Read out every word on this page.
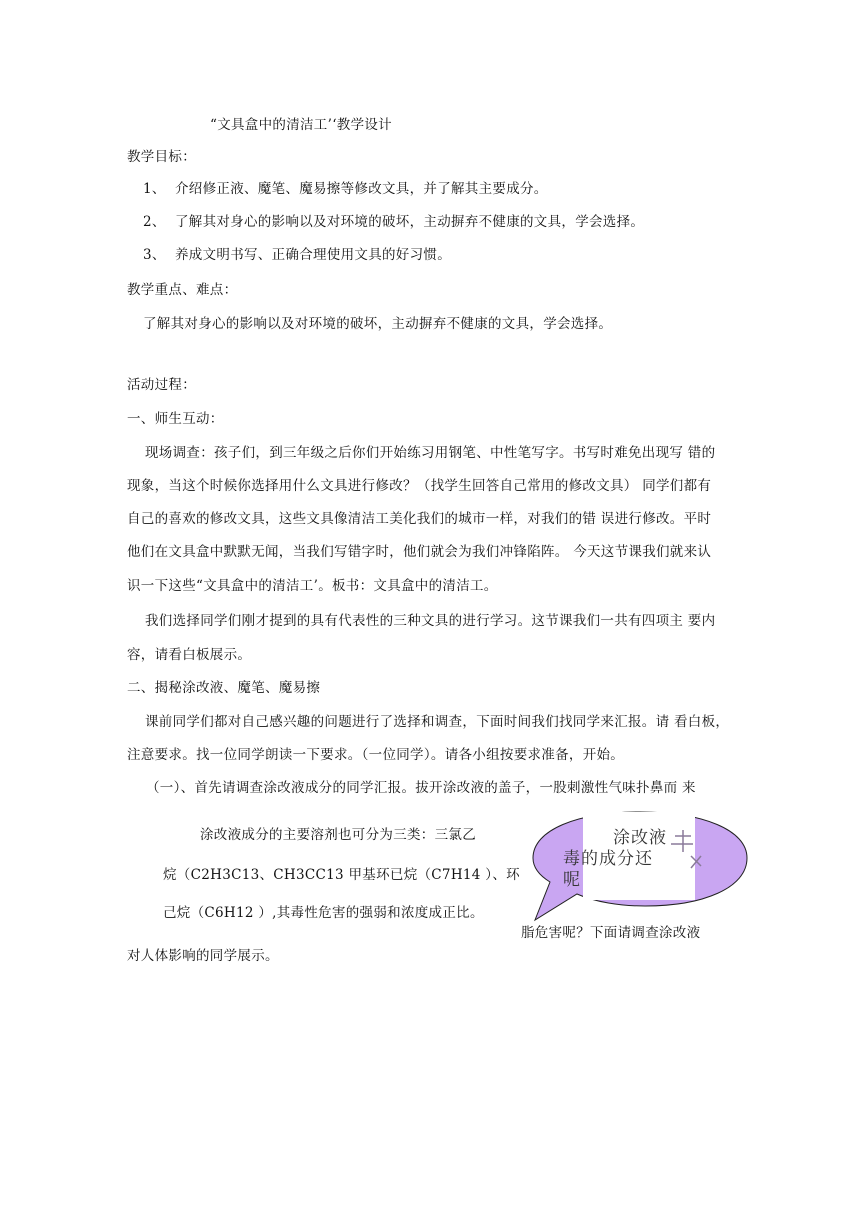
“文具盒中的清洁工’‘教学设计
教学目标：
1、 介绍修正液、魔笔、魔易擦等修改文具，并了解其主要成分。
2、 了解其对身心的影响以及对环境的破坏，主动摒弃不健康的文具，学会选择。
3、 养成文明书写、正确合理使用文具的好习惯。
教学重点、难点：
了解其对身心的影响以及对环境的破坏，主动摒弃不健康的文具，学会选择。
活动过程：
一、师生互动：
现场调查：孩子们，到三年级之后你们开始练习用钢笔、中性笔写字。书写时难免出现写 错的
现象，当这个时候你选择用什么文具进行修改？（找学生回答自己常用的修改文具） 同学们都有
自己的喜欢的修改文具，这些文具像清洁工美化我们的城市一样，对我们的错 误进行修改。平时
他们在文具盒中默默无闻，当我们写错字时，他们就会为我们冲锋陷阵。 今天这节课我们就来认
识一下这些“文具盒中的清洁工’。板书：文具盒中的清洁工。
我们选择同学们刚才提到的具有代表性的三种文具的进行学习。这节课我们一共有四项主 要内
容，请看白板展示。
二、揭秘涂改液、魔笔、魔易擦
课前同学们都对自己感兴趣的问题进行了选择和调查，下面时间我们找同学来汇报。请 看白板，
注意要求。找一位同学朗读一下要求。（一位同学）。请各小组按要求准备，开始。
（一）、首先请调查涂改液成分的同学汇报。拔开涂改液的盖子，一股刺激性气味扑鼻而 来
涂改液成分的主要溶剂也可分为三类：三氯乙
烷（C2H3C13、CH3CC13 甲基环已烷（C7H14 ）、环
己烷（C6H12 ）,其毒性危害的强弱和浓度成正比。
涂改液
毒的成分还
呢
脂危害呢？下面请调查涂改液
对人体影响的同学展示。
